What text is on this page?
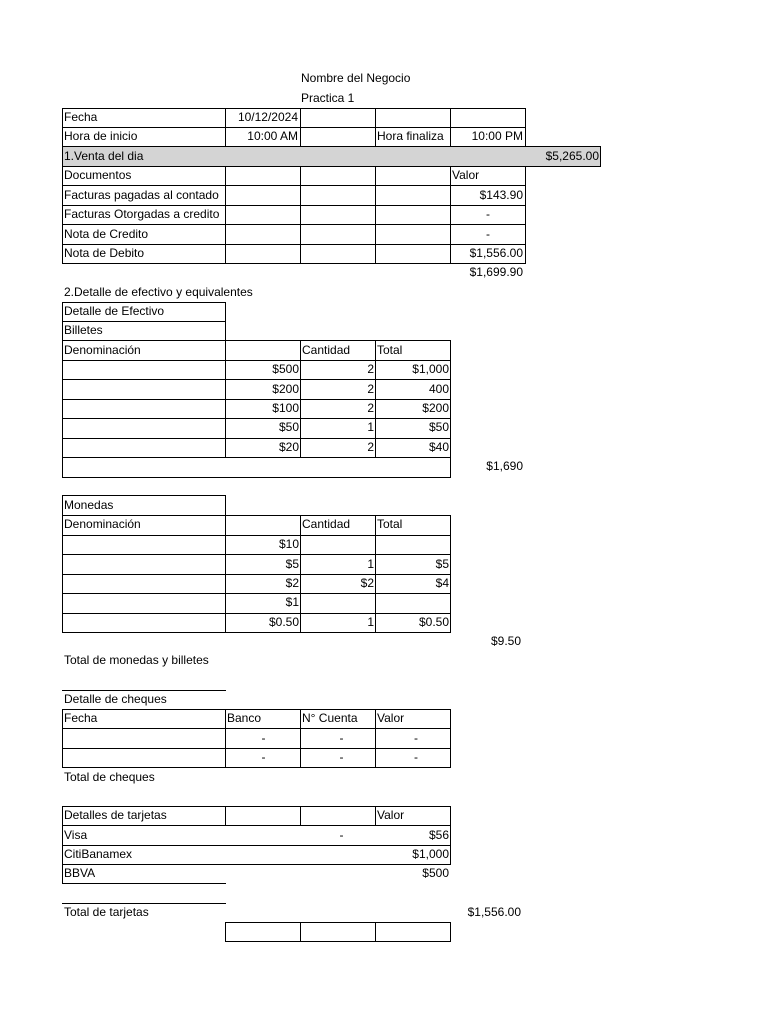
Nombre del Negocio
Practica 1
Fecha	10/12/2024
Hora de inicio	10:00 AM	Hora finaliza	10:00 PM
1.Venta del dia	$5,265.00
Documentos	Valor
Facturas pagadas al contado	$143.90
Facturas Otorgadas a credito	-
Nota de Credito	-
Nota de Debito	$1,556.00
$1,699.90
2.Detalle de efectivo y equivalentes
Detalle de Efectivo
Billetes
Denominación	Cantidad Total
$500	2	$1,000
$200	2	400
$100	2	$200
$50	1	$50
$20	2	$40
$1,690
Monedas
Denominación	Cantidad Total
$10
$5	1	$5
$2	$2	$4
$1
$0.50	1	$0.50
$9.50
Total de monedas y billetes
Detalle de cheques
Fecha	Banco	N° Cuenta Valor
-	-	-
-	-	-
Total de cheques
Detalles de tarjetas	Valor
Visa	-	$56
CitiBanamex	$1,000
BBVA	$500
Total de tarjetas	$1,556.00
